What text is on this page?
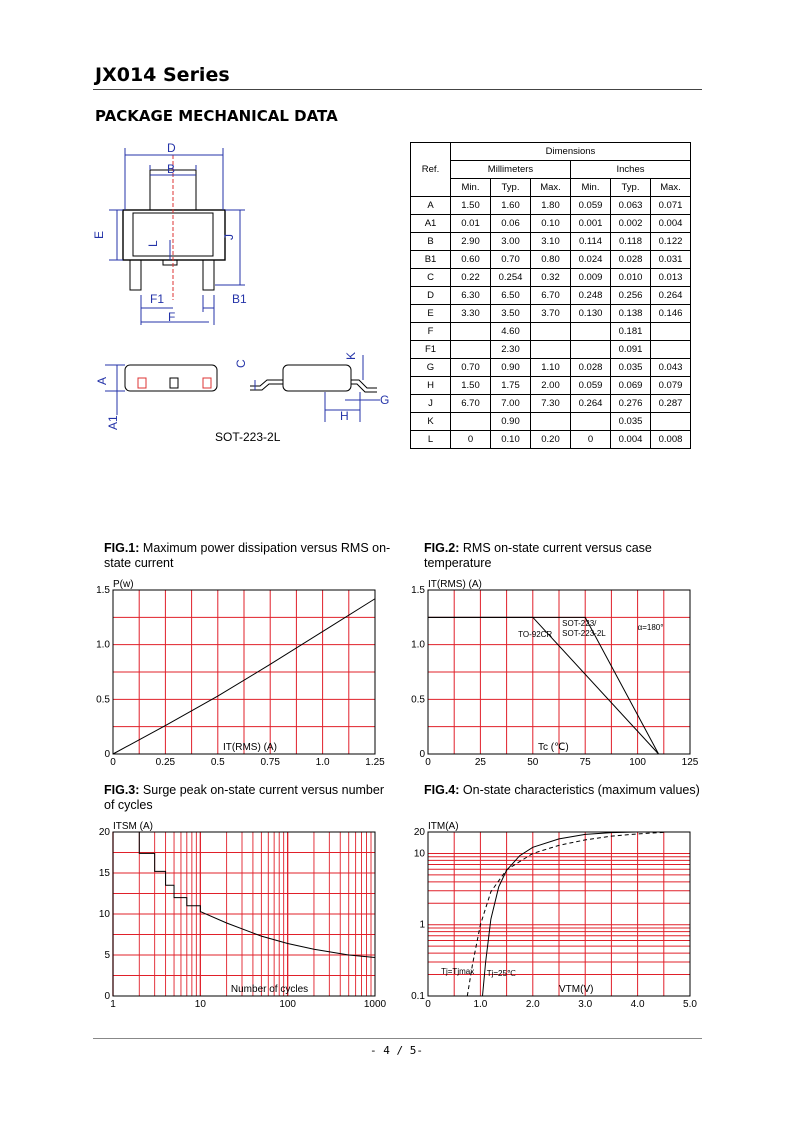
JX014 Series
PACKAGE MECHANICAL DATA
D
B
E
L
J
F1	B1
F
A
A1
C
K
H
G
SOT-223-2L
Ref.	Dimensions					
	Millimeters			Inches		
	Min.	Typ.	Max.	Min.	Typ.	Max.
A	1.50	1.60	1.80	0.059	0.063	0.071
A1	0.01	0.06	0.10	0.001	0.002	0.004
B	2.90	3.00	3.10	0.114	0.118	0.122
B1	0.60	0.70	0.80	0.024	0.028	0.031
C	0.22	0.254	0.32	0.009	0.010	0.013
D	6.30	6.50	6.70	0.248	0.256	0.264
E	3.30	3.50	3.70	0.130	0.138	0.146
F		4.60			0.181	
F1		2.30			0.091	
G	0.70	0.90	1.10	0.028	0.035	0.043
H	1.50	1.75	2.00	0.059	0.069	0.079
J	6.70	7.00	7.30	0.264	0.276	0.287
K		0.90			0.035	
L	0	0.10	0.20	0	0.004	0.008
FIG.1: Maximum power dissipation versus RMS on-state current
FIG.2: RMS on-state current versus case temperature
FIG.3: Surge peak on-state current versus number of cycles
FIG.4: On-state characteristics (maximum values)
0	0.25	0.5	0.75	1.0	1.25
0
0.5
1.0
1.5
P(w)
IT(RMS) (A)
0	25	50	75	100	125
0
0.5
1.0
1.5
IT(RMS) (A)
Tc (℃)
TO-92CR
SOT-223/
SOT-223-2L
α=180°
1	10	100	1000
0
5
10
15
20
ITSM (A)
Number of cycles
0	1.0	2.0	3.0	4.0	5.0
0.1
1
10
20
ITM(A)
VTM(V)
Tj=Tjmax Tj=25℃
- 4 / 5-
